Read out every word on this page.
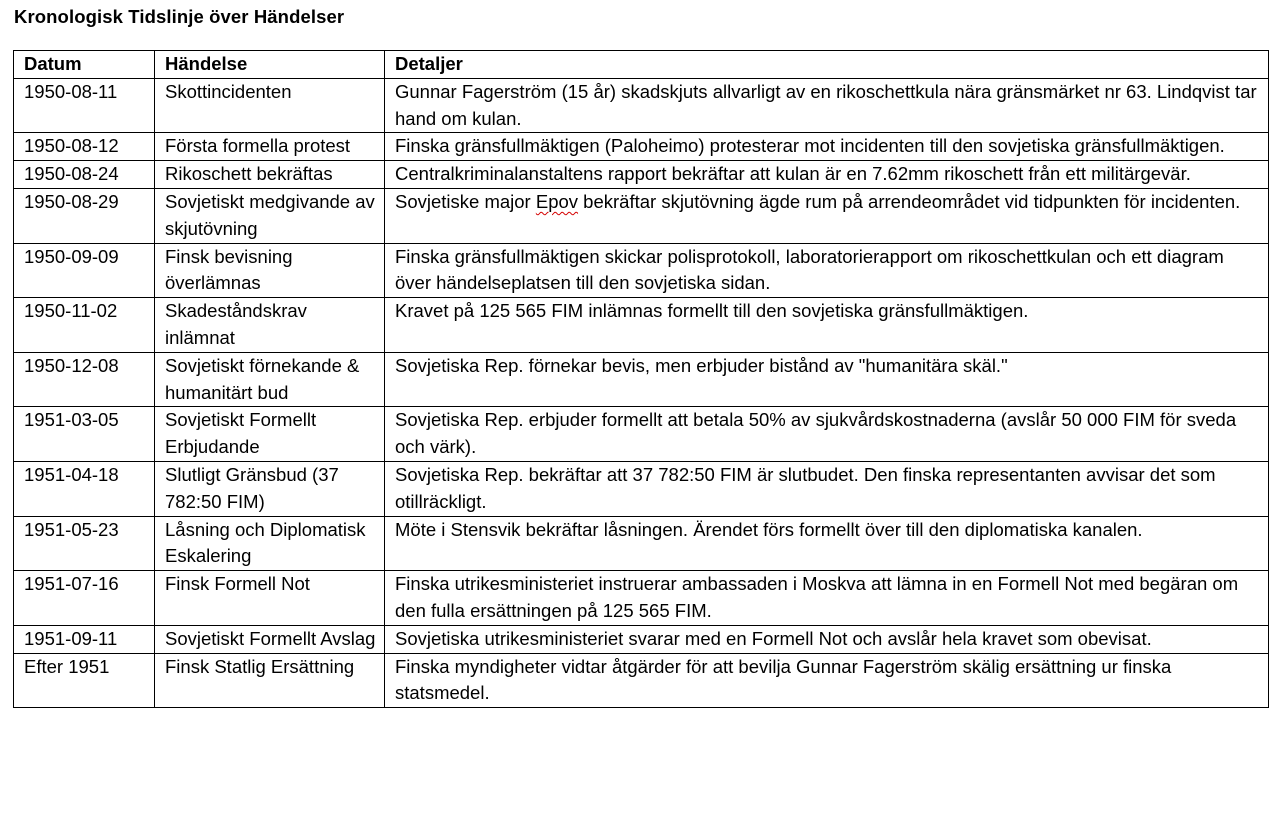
Kronologisk Tidslinje över Händelser
Datum	Händelse	Detaljer
1950-08-11	Skottincidenten	Gunnar Fagerström (15 år) skadskjuts allvarligt av en rikoschettkula nära gränsmärket nr 63. Lindqvist tar hand om kulan.
1950-08-12	Första formella protest	Finska gränsfullmäktigen (Paloheimo) protesterar mot incidenten till den sovjetiska gränsfullmäktigen.
1950-08-24	Rikoschett bekräftas	Centralkriminalanstaltens rapport bekräftar att kulan är en 7.62mm rikoschett från ett militärgevär.
1950-08-29	Sovjetiskt medgivande av skjutövning	Sovjetiske major Epov bekräftar skjutövning ägde rum på arrendeområdet vid tidpunkten för incidenten.
1950-09-09	Finsk bevisning överlämnas	Finska gränsfullmäktigen skickar polisprotokoll, laboratorierapport om rikoschettkulan och ett diagram över händelseplatsen till den sovjetiska sidan.
1950-11-02	Skadeståndskrav inlämnat	Kravet på 125 565 FIM inlämnas formellt till den sovjetiska gränsfullmäktigen.
1950-12-08	Sovjetiskt förnekande & humanitärt bud	Sovjetiska Rep. förnekar bevis, men erbjuder bistånd av "humanitära skäl."
1951-03-05	Sovjetiskt Formellt Erbjudande	Sovjetiska Rep. erbjuder formellt att betala 50% av sjukvårdskostnaderna (avslår 50 000 FIM för sveda och värk).
1951-04-18	Slutligt Gränsbud (37 782:50 FIM)	Sovjetiska Rep. bekräftar att 37 782:50 FIM är slutbudet. Den finska representanten avvisar det som otillräckligt.
1951-05-23	Låsning och Diplomatisk Eskalering	Möte i Stensvik bekräftar låsningen. Ärendet förs formellt över till den diplomatiska kanalen.
1951-07-16	Finsk Formell Not	Finska utrikesministeriet instruerar ambassaden i Moskva att lämna in en Formell Not med begäran om den fulla ersättningen på 125 565 FIM.
1951-09-11	Sovjetiskt Formellt Avslag	Sovjetiska utrikesministeriet svarar med en Formell Not och avslår hela kravet som obevisat.
Efter 1951	Finsk Statlig Ersättning	Finska myndigheter vidtar åtgärder för att bevilja Gunnar Fagerström skälig ersättning ur finska statsmedel.
